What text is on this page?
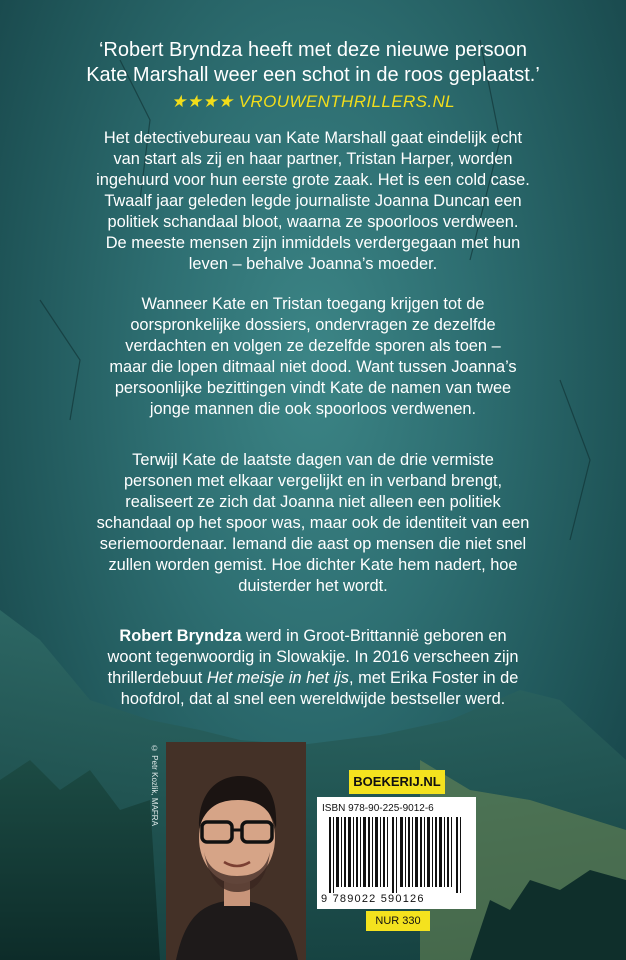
‘Robert Bryndza heeft met deze nieuwe persoon
Kate Marshall weer een schot in de roos geplaatst.’
★★★★ VROUWENTHRILLERS.NL
Het detectivebureau van Kate Marshall gaat eindelijk echt
van start als zij en haar partner, Tristan Harper, worden
ingehuurd voor hun eerste grote zaak. Het is een cold case.
Twaalf jaar geleden legde journaliste Joanna Duncan een
politiek schandaal bloot, waarna ze spoorloos verdween.
De meeste mensen zijn inmiddels verdergegaan met hun
leven – behalve Joanna’s moeder.
Wanneer Kate en Tristan toegang krijgen tot de
oorspronkelijke dossiers, ondervragen ze dezelfde
verdachten en volgen ze dezelfde sporen als toen –
maar die lopen ditmaal niet dood. Want tussen Joanna’s
persoonlijke bezittingen vindt Kate de namen van twee
jonge mannen die ook spoorloos verdwenen.
Terwijl Kate de laatste dagen van de drie vermiste
personen met elkaar vergelijkt en in verband brengt,
realiseert ze zich dat Joanna niet alleen een politiek
schandaal op het spoor was, maar ook de identiteit van een
seriemoordenaar. Iemand die aast op mensen die niet snel
zullen worden gemist. Hoe dichter Kate hem nadert, hoe
duisterder het wordt.
Robert Bryndza werd in Groot-Brittannië geboren en
woont tegenwoordig in Slowakije. In 2016 verscheen zijn
thrillerdebuut Het meisje in het ijs, met Erika Foster in de
hoofdrol, dat al snel een wereldwijde bestseller werd.
© Petr Kozlik, MAFRA	BOEKERIJ.NL
ISBN 978-90-225-9012-6
9 789022 590126
NUR 330
